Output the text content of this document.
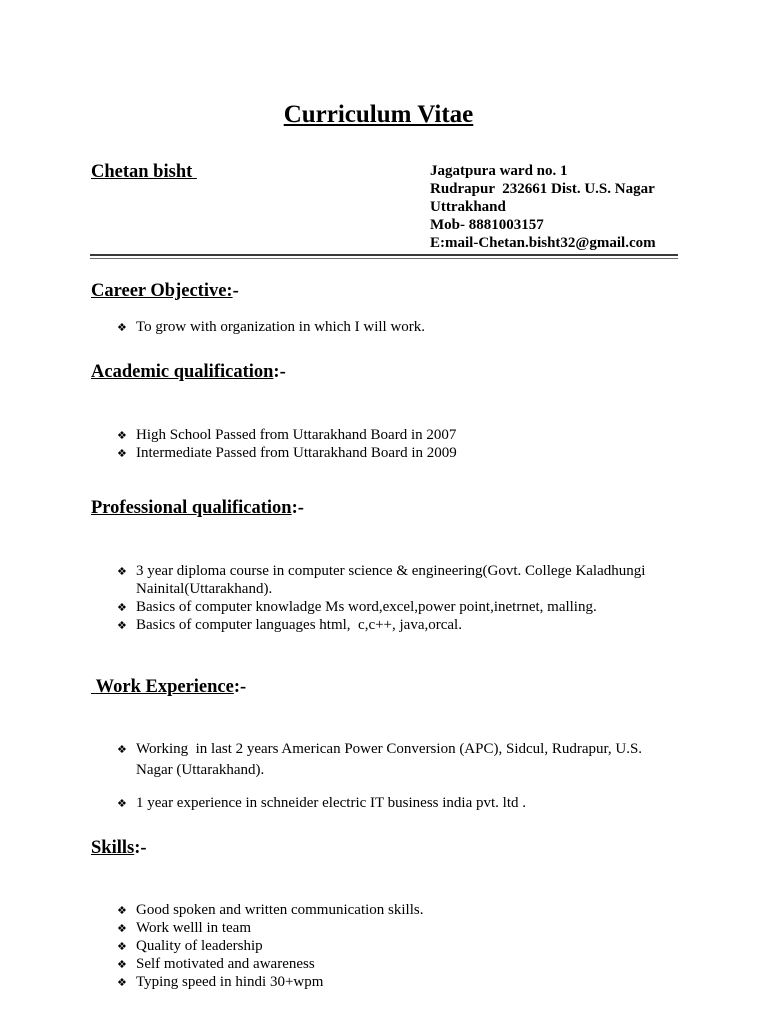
Curriculum Vitae

Chetan bisht	Jagatpura ward no. 1
Rudrapur  232661 Dist. U.S. Nagar
Uttrakhand
Mob- 8881003157
E:mail-Chetan.bisht32@gmail.com
Career Objective:-
❖
To grow with organization in which I will work.
Academic qualification:-
❖
High School Passed from Uttarakhand Board in 2007
❖
Intermediate Passed from Uttarakhand Board in 2009
Professional qualification:-
❖
3 year diploma course in computer science & engineering(Govt. College Kaladhungi Nainital(Uttarakhand).
❖
Basics of computer knowladge Ms word,excel,power point,inetrnet, malling.
❖
Basics of computer languages html,  c,c++, java,orcal.
Work Experience:-
❖
Working  in last 2 years American Power Conversion (APC), Sidcul, Rudrapur, U.S. Nagar (Uttarakhand).
❖
1 year experience in schneider electric IT business india pvt. ltd .
Skills:-
❖
Good spoken and written communication skills.
❖
Work welll in team
❖
Quality of leadership
❖
Self motivated and awareness
❖
Typing speed in hindi 30+wpm
